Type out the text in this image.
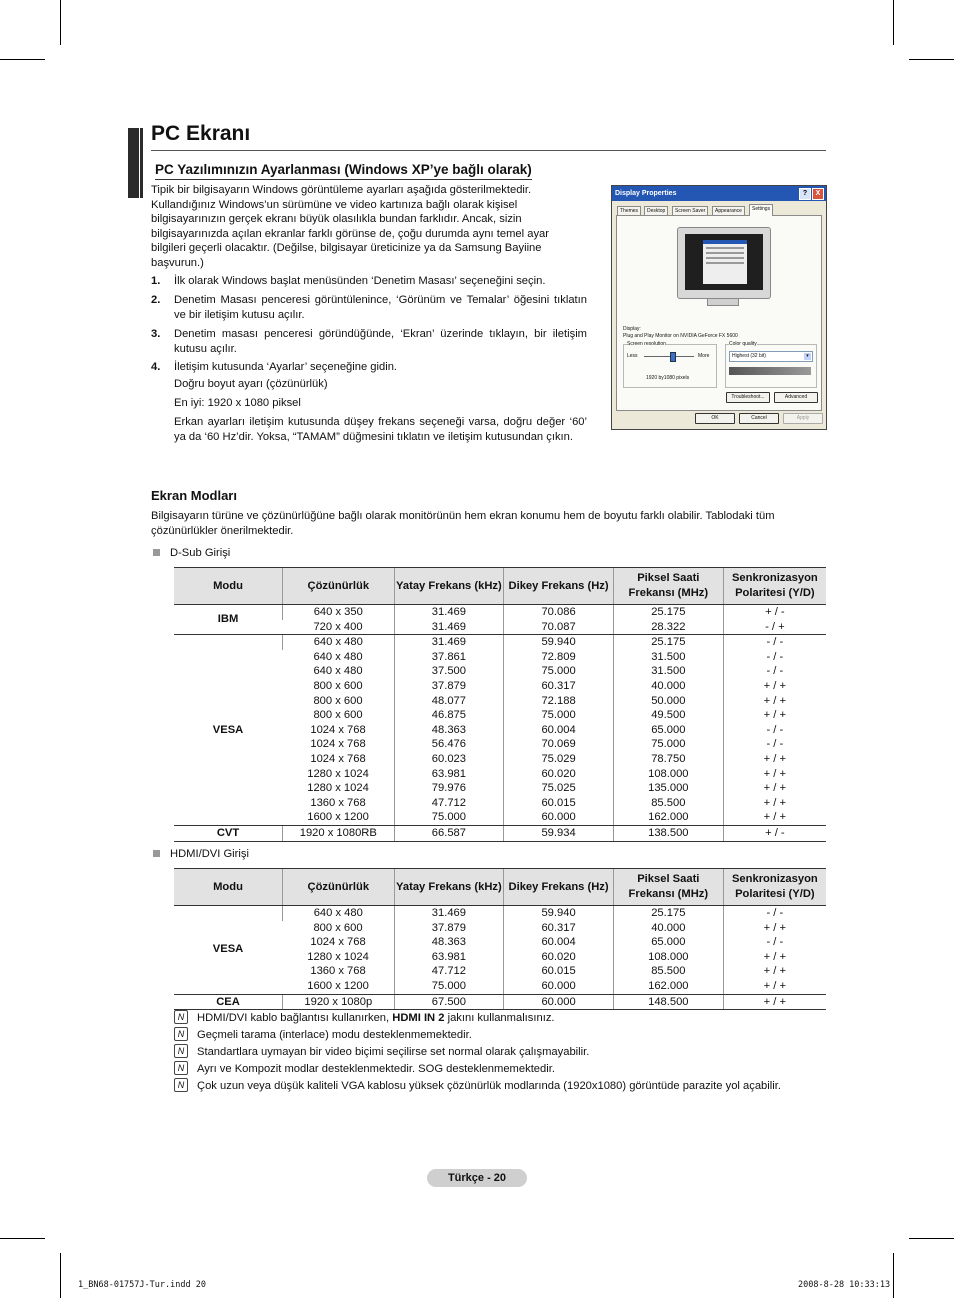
PC Ekranı
PC Yazılımınızın Ayarlanması (Windows XP’ye bağlı olarak)
Tipik bir bilgisayarın Windows görüntüleme ayarları aşağıda gösterilmektedir. Kullandığınız Windows’un sürümüne ve video kartınıza bağlı olarak kişisel bilgisayarınızın gerçek ekranı büyük olasılıkla bundan farklıdır. Ancak, sizin bilgisayarınızda açılan ekranlar farklı görünse de, çoğu durumda aynı temel ayar bilgileri geçerli olacaktır. (Değilse, bilgisayar üreticinize ya da Samsung Bayiine başvurun.)
1. İlk olarak Windows başlat menüsünden ‘Denetim Masası’ seçeneğini seçin.
2. Denetim Masası penceresi görüntülenince, ‘Görünüm ve Temalar’ öğesini tıklatın ve bir iletişim kutusu açılır.
3. Denetim masası penceresi göründüğünde, ‘Ekran’ üzerinde tıklayın, bir iletişim kutusu açılır.
4. İletişim kutusunda ‘Ayarlar’ seçeneğine gidin.
Doğru boyut ayarı (çözünürlük)
En iyi: 1920 x 1080 piksel
Erkan ayarları iletişim kutusunda düşey frekans seçeneği varsa, doğru değer ‘60’ ya da ‘60 Hz’dir. Yoksa, “TAMAM” düğmesini tıklatın ve iletişim kutusundan çıkın.
Display Properties	?	X
Themes	Desktop	Screen Saver	Appearance	Settings
Display:
Plug and Play Monitor on NVIDIA GeForce FX 5600
Screen resolution
Less	More
1920 by1080 pixels
Color quality
Highest (32 bit)	▾
Troubleshoot...	Advanced
OK	Cancel	Apply
Ekran Modları
Bilgisayarın türüne ve çözünürlüğüne bağlı olarak monitörünün hem ekran konumu hem de boyutu farklı olabilir. Tablodaki tüm çözünürlükler önerilmektedir.
D-Sub Girişi
Modu	Çözünürlük	Yatay Frekans (kHz)	Dikey Frekans (Hz)	Piksel Saati Frekansı (MHz)	Senkronizasyon Polaritesi (Y/D)
IBM	640 x 350	31.469	70.086	25.175	+ / -
	720 x 400	31.469	70.087	28.322	- / +
VESA	640 x 480	31.469	59.940	25.175	- / -
	640 x 480	37.861	72.809	31.500	- / -
	640 x 480	37.500	75.000	31.500	- / -
	800 x 600	37.879	60.317	40.000	+ / +
	800 x 600	48.077	72.188	50.000	+ / +
	800 x 600	46.875	75.000	49.500	+ / +
	1024 x 768	48.363	60.004	65.000	- / -
	1024 x 768	56.476	70.069	75.000	- / -
	1024 x 768	60.023	75.029	78.750	+ / +
	1280 x 1024	63.981	60.020	108.000	+ / +
	1280 x 1024	79.976	75.025	135.000	+ / +
	1360 x 768	47.712	60.015	85.500	+ / +
	1600 x 1200	75.000	60.000	162.000	+ / +
CVT	1920 x 1080RB	66.587	59.934	138.500	+ / -
HDMI/DVI Girişi
Modu	Çözünürlük	Yatay Frekans (kHz)	Dikey Frekans (Hz)	Piksel Saati Frekansı (MHz)	Senkronizasyon Polaritesi (Y/D)
VESA	640 x 480	31.469	59.940	25.175	- / -
	800 x 600	37.879	60.317	40.000	+ / +
	1024 x 768	48.363	60.004	65.000	- / -
	1280 x 1024	63.981	60.020	108.000	+ / +
	1360 x 768	47.712	60.015	85.500	+ / +
	1600 x 1200	75.000	60.000	162.000	+ / +
CEA	1920 x 1080p	67.500	60.000	148.500	+ / +
N HDMI/DVI kablo bağlantısı kullanırken, HDMI IN 2 jakını kullanmalısınız.
N Geçmeli tarama (interlace) modu desteklenmemektedir.
N Standartlara uymayan bir video biçimi seçilirse set normal olarak çalışmayabilir.
N Ayrı ve Kompozit modlar desteklenmektedir. SOG desteklenmemektedir.
N Çok uzun veya düşük kaliteli VGA kablosu yüksek çözünürlük modlarında (1920x1080) görüntüde parazite yol açabilir.
Türkçe - 20
1_BN68-01757J-Tur.indd 20	2008-8-28 10:33:13
